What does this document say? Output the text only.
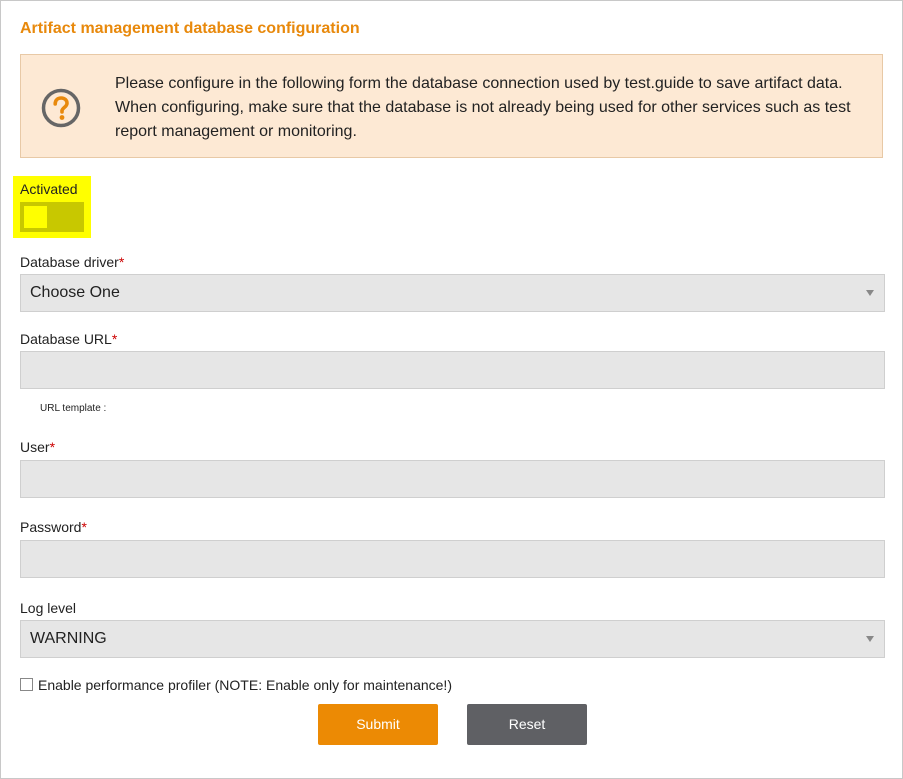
Artifact management database configuration
Please configure in the following form the database connection used by test.guide to save artifact data. When configuring, make sure that the database is not already being used for other services such as test report management or monitoring.
Activated
Database driver*
Choose One
Database URL*
URL template :
User*
Password*
Log level
WARNING
Enable performance profiler (NOTE: Enable only for maintenance!)
Submit	Reset
